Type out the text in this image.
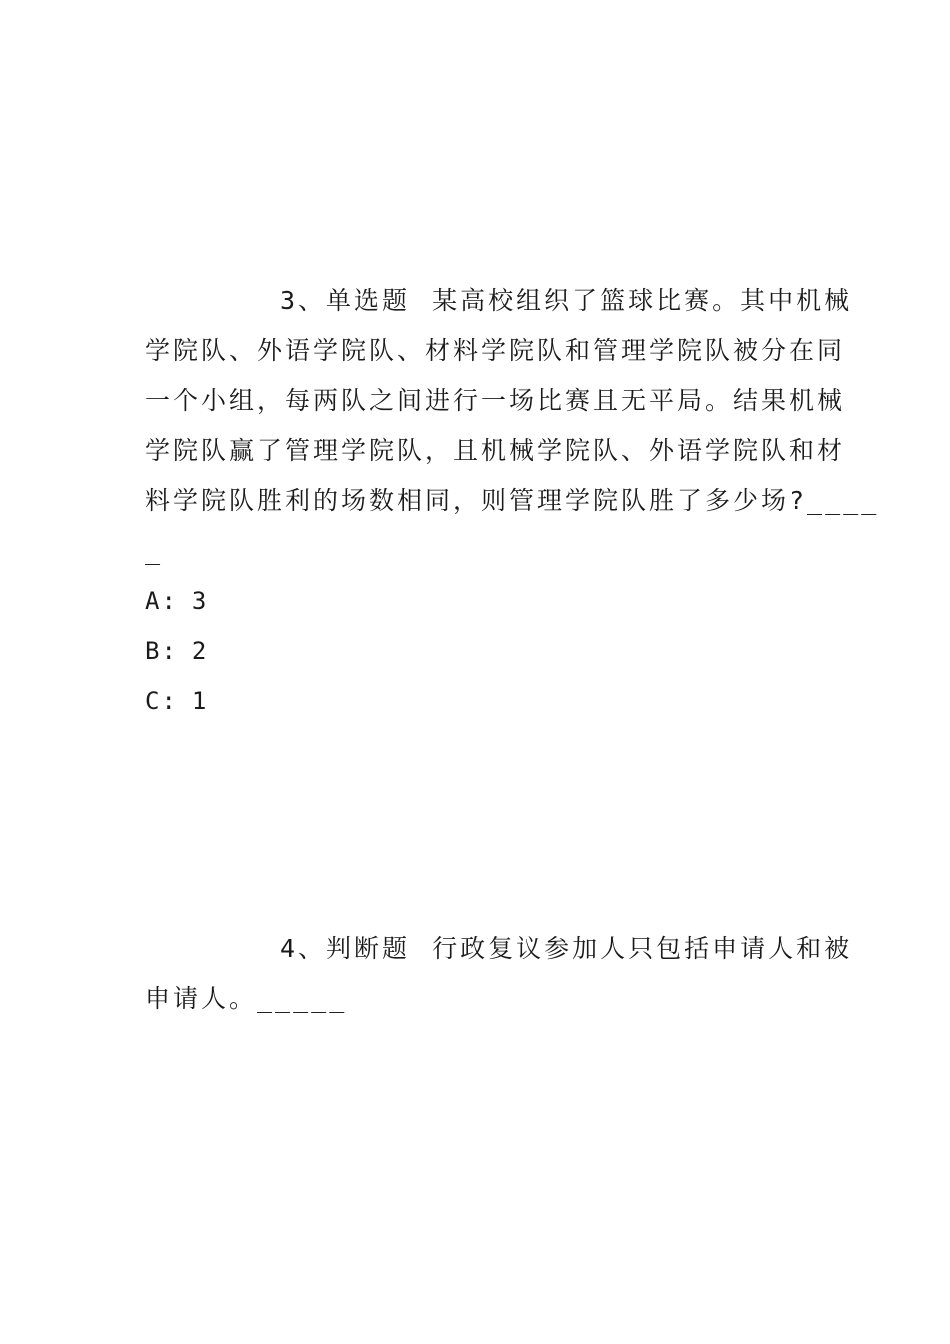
3、单选题 某高校组织了篮球比赛。其中机械
学院队、外语学院队、材料学院队和管理学院队被分在同
一个小组，每两队之间进行一场比赛且无平局。结果机械
学院队赢了管理学院队，且机械学院队、外语学院队和材
料学院队胜利的场数相同，则管理学院队胜了多少场?____
_
A: 3
B: 2
C: 1
4、判断题 行政复议参加人只包括申请人和被
申请人。_____
